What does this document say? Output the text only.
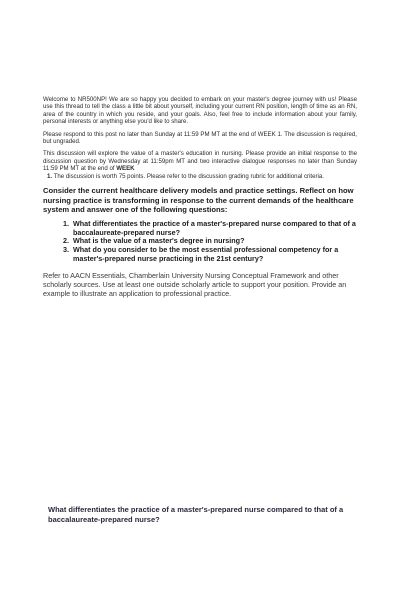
Welcome to NR500NP! We are so happy you decided to embark on your master's degree journey with us! Please use this thread to tell the class a little bit about yourself, including your current RN position, length of time as an RN, area of the country in which you reside, and your goals. Also, feel free to include information about your family, personal interests or anything else you'd like to share.

Please respond to this post no later than Sunday at 11:59 PM MT at the end of WEEK 1. The discussion is required, but ungraded.

This discussion will explore the value of a master's education in nursing. Please provide an initial response to the discussion question by Wednesday at 11:59pm MT and two interactive dialogue responses no later than Sunday 11:59 PM MT at the end of WEEK

1. The discussion is worth 75 points. Please refer to the discussion grading rubric for additional criteria.

Consider the current healthcare delivery models and practice settings. Reflect on how nursing practice is transforming in response to the current demands of the healthcare system and answer one of the following questions:

1. What differentiates the practice of a master's-prepared nurse compared to that of a baccalaureate-prepared nurse?
2. What is the value of a master's degree in nursing?
3. What do you consider to be the most essential professional competency for a master's-prepared nurse practicing in the 21st century?

Refer to AACN Essentials, Chamberlain University Nursing Conceptual Framework and other scholarly sources. Use at least one outside scholarly article to support your position. Provide an example to illustrate an application to professional practice.

What differentiates the practice of a master's-prepared nurse compared to that of a baccalaureate-prepared nurse?
